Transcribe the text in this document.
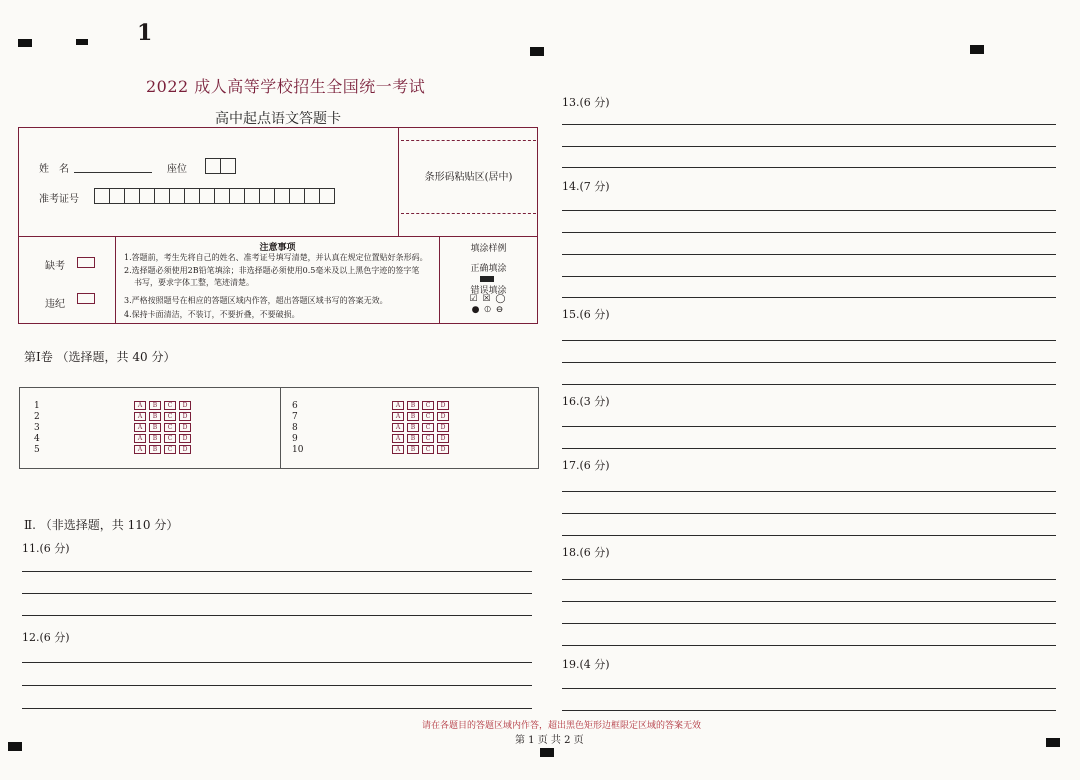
1
2022 成人高等学校招生全国统一考试
高中起点语文答题卡
姓　名	座位
准考证号
条形码粘贴区(居中)
缺考
违纪
注意事项
1.答题前，考生先将自己的姓名、准考证号填写清楚，并认真在规定位置贴好条形码。
2.选择题必须使用2B铅笔填涂；非选择题必须使用0.5毫米及以上黑色字迹的签字笔
书写，要求字体工整，笔迹清楚。
3.严格按照题号在相应的答题区域内作答，超出答题区域书写的答案无效。
4.保持卡面清洁，不装订，不要折叠，不要破损。
填涂样例
正确填涂
错误填涂
☑ ☒ ◯
● ⦶ ⊖
第Ⅰ卷 （选择题，共 40 分）
1	A	B	C	D
2	A	B	C	D
3	A	B	C	D
4	A	B	C	D
5	A	B	C	D
6	A	B	C	D
7	A	B	C	D
8	A	B	C	D
9	A	B	C	D
10	A	B	C	D
Ⅱ. （非选择题，共 110 分）
11.(6 分)
12.(6 分)
13.(6 分)
14.(7 分)
15.(6 分)
16.(3 分)
17.(6 分)
18.(6 分)
19.(4 分)
请在各题目的答题区域内作答，超出黑色矩形边框限定区域的答案无效
第 1 页 共 2 页
